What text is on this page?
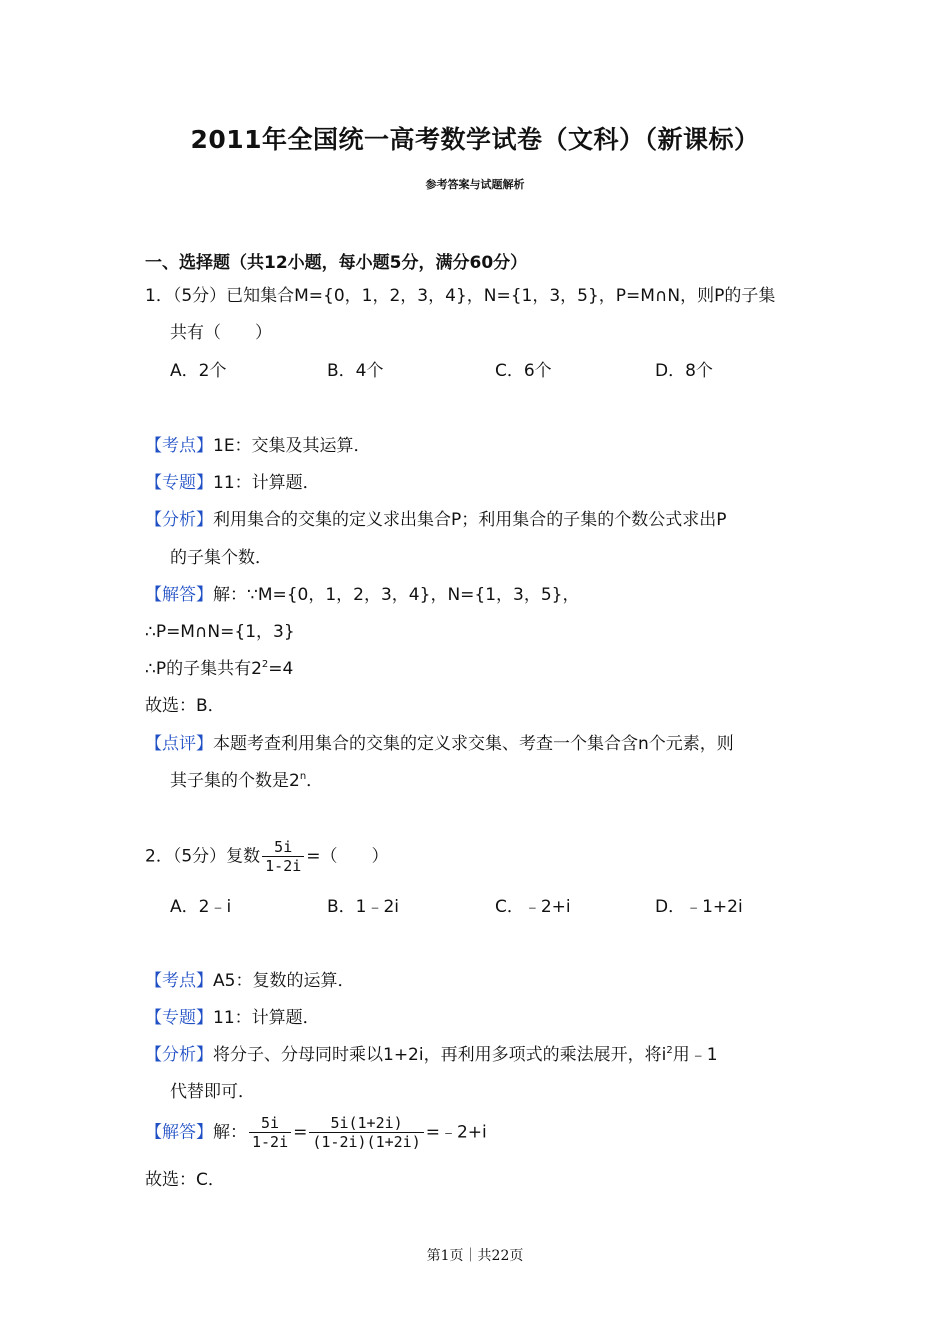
2011年全国统一高考数学试卷（文科）（新课标）
参考答案与试题解析
一、选择题（共12小题，每小题5分，满分60分）
1．（5分）已知集合M={0，1，2，3，4}，N={1，3，5}，P=M∩N，则P的子集
共有（　　）
A．2个	B．4个	C．6个	D．8个
【考点】1E：交集及其运算．
【专题】11：计算题．
【分析】利用集合的交集的定义求出集合P；利用集合的子集的个数公式求出P
的子集个数．
【解答】解：∵M={0，1，2，3，4}，N={1，3，5}，
∴P=M∩N={1，3}
∴P的子集共有$2^2=4$
故选：B．
【点评】本题考查利用集合的交集的定义求交集、考查一个集合含n个元素，则
其子集的个数是2$^n$．
2．（5分）复数 $\frac{5i}{1-2i}$ =（　　）
A．2﹣i	B．1﹣2i	C．﹣2+i	D．﹣1+2i
【考点】A5：复数的运算．
【专题】11：计算题．
【分析】将分子、分母同时乘以1+2i，再利用多项式的乘法展开，将$i^2$用﹣1
代替即可．
【解答】解： $\frac{5i}{1-2i} = \frac{5i(1+2i)}{(1-2i)(1+2i)}$ =﹣2+i
故选：C．
第1页｜共22页
